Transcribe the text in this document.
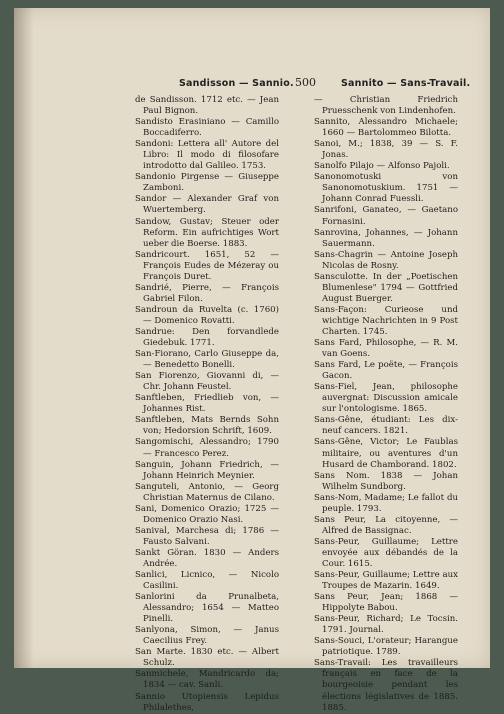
Sandisson — Sannio. 500	Sannito — Sans-Travail.
de Sandisson. 1712 etc. — Jean Paul Bignon.
Sandisto Erasiniano — Camillo Boccadiferro.
Sandoni: Lettera all' Autore del Libro: Il modo di filosofare introdotto dal Galileo. 1753.
Sandonio Pirgense — Giuseppe Zamboni.
Sandor — Alexander Graf von Wuertemberg.
Sandow, Gustav; Steuer oder Reform. Ein aufrichtiges Wort ueber die Boerse. 1883.
Sandricourt. 1651, 52 — François Eudes de Mézeray ou François Duret.
Sandrié, Pierre, — François Gabriel Filon.
Sandroun da Ruvelta (c. 1760) — Domenico Rovatti.
Sandrue: Den forvandlede Giedebuk. 1771.
San-Fiorano, Carlo Giuseppe da, — Benedetto Bonelli.
San Fiorenzo, Giovanni di, — Chr. Johann Feustel.
Sanftleben, Friedlieb von, — Johannes Rist.
Sanftleben, Mats Bernds Sohn von; Hedorsion Schrift, 1609.
Sangomischi, Alessandro; 1790 — Francesco Perez.
Sanguin, Johann Friedrich, — Johann Heinrich Meynier.
Sanguteli, Antonio, — Georg Christian Maternus de Cilano.
Sani, Domenico Orazio; 1725 — Domenico Orazio Nasi.
Sanival, Marchesa di; 1786 — Fausto Salvani.
Sankt Göran. 1830 — Anders Andrée.
Sanlici, Licnico, — Nicolo Casilini.
Sanlorini da Prunalbeta, Alessandro; 1654 — Matteo Pinelli.
Sanlyona, Simon, — Janus Caecilius Frey.
San Marte. 1830 etc. — Albert Schulz.
Sanmichele, Mandricardo da; 1834 — cav. Sanli.
Sannio Utopiensis Lepidus Philalethes,
— Christian Friedrich Pruesschenk von Lindenhofen.
Sannito, Alessandro Michaele; 1660 — Bartolommeo Bilotta.
Sanoi, M.; 1838, 39 — S. F. Jonas.
Sanolfo Pilajo — Alfonso Pajoli.
Sanonomotuski von Sanonomotuskium. 1751 — Johann Conrad Fuessli.
Sanrifoni, Ganateo, — Gaetano Fornasini.
Sanrovina, Johannes, — Johann Sauermann.
Sans-Chagrin — Antoine Joseph Nicolas de Rosny.
Sansculotte. In der „Poetischen Blumenlese" 1794 — Gottfried August Buerger.
Sans-Façon: Curieose und wichtige Nachrichten in 9 Post Charten. 1745.
Sans Fard, Philosophe, — R. M. van Goens.
Sans Fard, Le poëte, — François Gacon.
Sans-Fiel, Jean, philosophe auvergnat: Discussion amicale sur l'ontologisme. 1865.
Sans-Gêne, étudiant: Les dix-neuf cancers. 1821.
Sans-Gêne, Victor; Le Faublas militaire, ou aventures d'un Husard de Chamborand. 1802.
Sans Nom. 1838 — Johan Wilhelm Sundborg.
Sans-Nom, Madame; Le fallot du peuple. 1793.
Sans Peur, La citoyenne, — Alfred de Bassignac.
Sans-Peur, Guillaume; Lettre envoyée aux débandés de la Cour. 1615.
Sans-Peur, Guillaume; Lettre aux Troupes de Mazarin. 1649.
Sans Peur, Jean; 1868 — Hippolyte Babou.
Sans-Peur, Richard; Le Tocsin. 1791. Journal.
Sans-Souci, L'orateur; Harangue patriotique. 1789.
Sans-Travail: Les travailleurs français en face de la bourgeoisie pendant les élections législatives de 1885. 1885.
